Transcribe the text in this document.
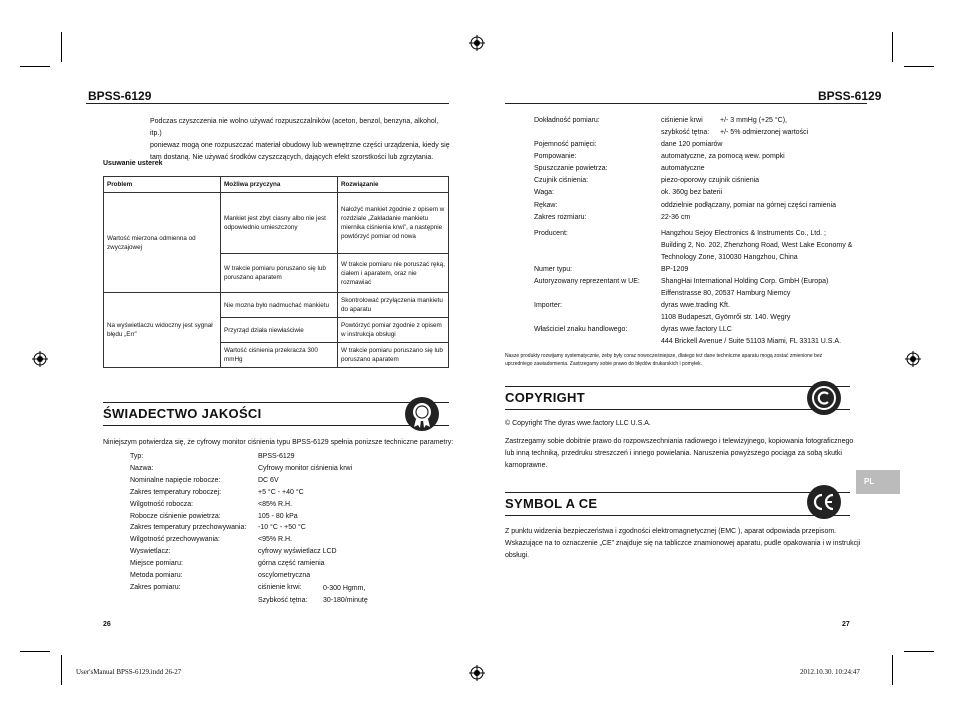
BPSS-6129	BPSS-6129
Podczas czyszczenia nie wolno używać rozpuszczalników (aceton, benzol, benzyna, alkohol, itp.)
poniewaz mogą one rozpuszczać materiał obudowy lub wewnętrzne części urządzenia, kiedy się
tam dostaną. Nie używać środków czyszczących, dających efekt szorstkości lub zgrzytania.
Usuwanie usterek
Problem	Możliwa przyczyna	Rozwiązanie
Wartość mierzona odmienna od zwyczajowej	Mankiet jest zbyt ciasny albo nie jest odpowiednio umieszczony	Nałożyć mankiet zgodnie z opisem w rozdziale „Zakładanie mankietu miernika ciśnienia krwi”, a następnie powtórzyć pomiar od nowa
	W trakcie pomiaru poruszano się lub poruszano aparatem	W trakcie pomiaru nie poruszać ręką, ciałem i aparatem, oraz nie rozmawiać
Na wyświetlaczu widoczny jest sygnał błędu „Err”	Nie mozna było nadmuchać mankietu	Skontrolować przyłączenia mankietu do aparatu
	Przyrząd działa niewłaściwie	Powtórzyć pomiar zgodnie z opisem w instrukcja obsługi
	Wartość ciśnienia przekracza 300 mmHg	W trakcie pomiaru poruszano się lub poruszano aparatem
ŚWIADECTWO JAKOŚCI
Niniejszym potwierdza się, że cyfrowy monitor ciśnienia typu BPSS-6129 spełnia ponizsze techniczne parametry:
Typ:	BPSS-6129
Nazwa:	Cyfrowy monitor ciśnienia krwi
Nominalne napięcie robocze:	DC 6V
Zakres temperatury roboczej:	+5 °C - +40 °C
Wilgotność robocza:	<85% R.H.
Robocze ciśnienie powietrza:	105 - 80 kPa
Zakres temperatury przechowywania: -10 °C - +50 °C
Wilgotność przechowywania:	<95% R.H.
Wyswietlacz:	cyfrowy wyświetlacz LCD
Miejsce pomiaru:	górna część ramienia
Metoda pomiaru:	oscylometryczna
Zakres pomiaru:	ciśnienie krwi:	0-300 Hgmm,
Szybkość tętna: 30-180/minutę
26
Dokładność pomiaru:	ciśnienie krwi +/- 3 mmHg (+25 °C),
szybkość tętna: +/- 5% odmierzonej wartości
Pojemność pamięci:	dane 120 pomiarów
Pompowanie:	automatyczne, za pomocą wew. pompki
Spuszczanie powietrza:	automatyczne
Czujnik ciśnienia:	piezo-oporowy czujnik ciśnienia
Waga:	ok. 360g bez baterii
Rękaw:	oddzielnie podłączany, pomiar na górnej części ramienia
Zakres rozmiaru:	22-36 cm
Producent:	Hangzhou Sejoy Electronics & Instruments Co., Ltd. ;
Building 2, No. 202, Zhenzhong Road, West Lake Economy &
Technology Zone, 310030 Hangzhou, China
Numer typu:	BP-1209
Autoryzowany reprezentant w UE:	ShangHai International Holding Corp. GmbH (Europa)
Eiffenstrasse 80, 20537 Hamburg Niemcy
Importer:	dyras wwe.trading Kft.
1108 Budapeszt, Gyömrői str. 140. Węgry
Właściciel znaku handlowego:	dyras wwe.factory LLC
444 Brickell Avenue / Suite 51103 Miami, FL 33131 U.S.A.
Nasze produkty rozwijamy systematycznie, żeby były coraz nowocześniejsze, dlatego też dane techniczne aparatu mogą zostać zmienione bez
uprzedniego zawiadomienia. Zastrzegamy sobie prawo do błędów drukarskich i pomyłek.
COPYRIGHT
© Copyright The dyras wwe.factory LLC U.S.A.
Zastrzegamy sobie dobitnie prawo do rozpowszechniania radiowego i telewizyjnego, kopiowania fotograficznego
lub inną techniką, przedruku streszczeń i innego powielania. Naruszenia powyższego pociąga za sobą skutki
karnoprawne.
PL
SYMBOL A CE
Z punktu widzenia bezpieczeństwa i zgodności elektromagnetycznej (EMC ), aparat odpowiada przepisom.
Wskazujące na to oznaczenie „CE” znajduje się na tabliczce znamionowej aparatu, pudle opakowania i w instrukcji
obsługi.
27
User'sManual BPSS-6129.indd 26-27	2012.10.30. 10:24:47
